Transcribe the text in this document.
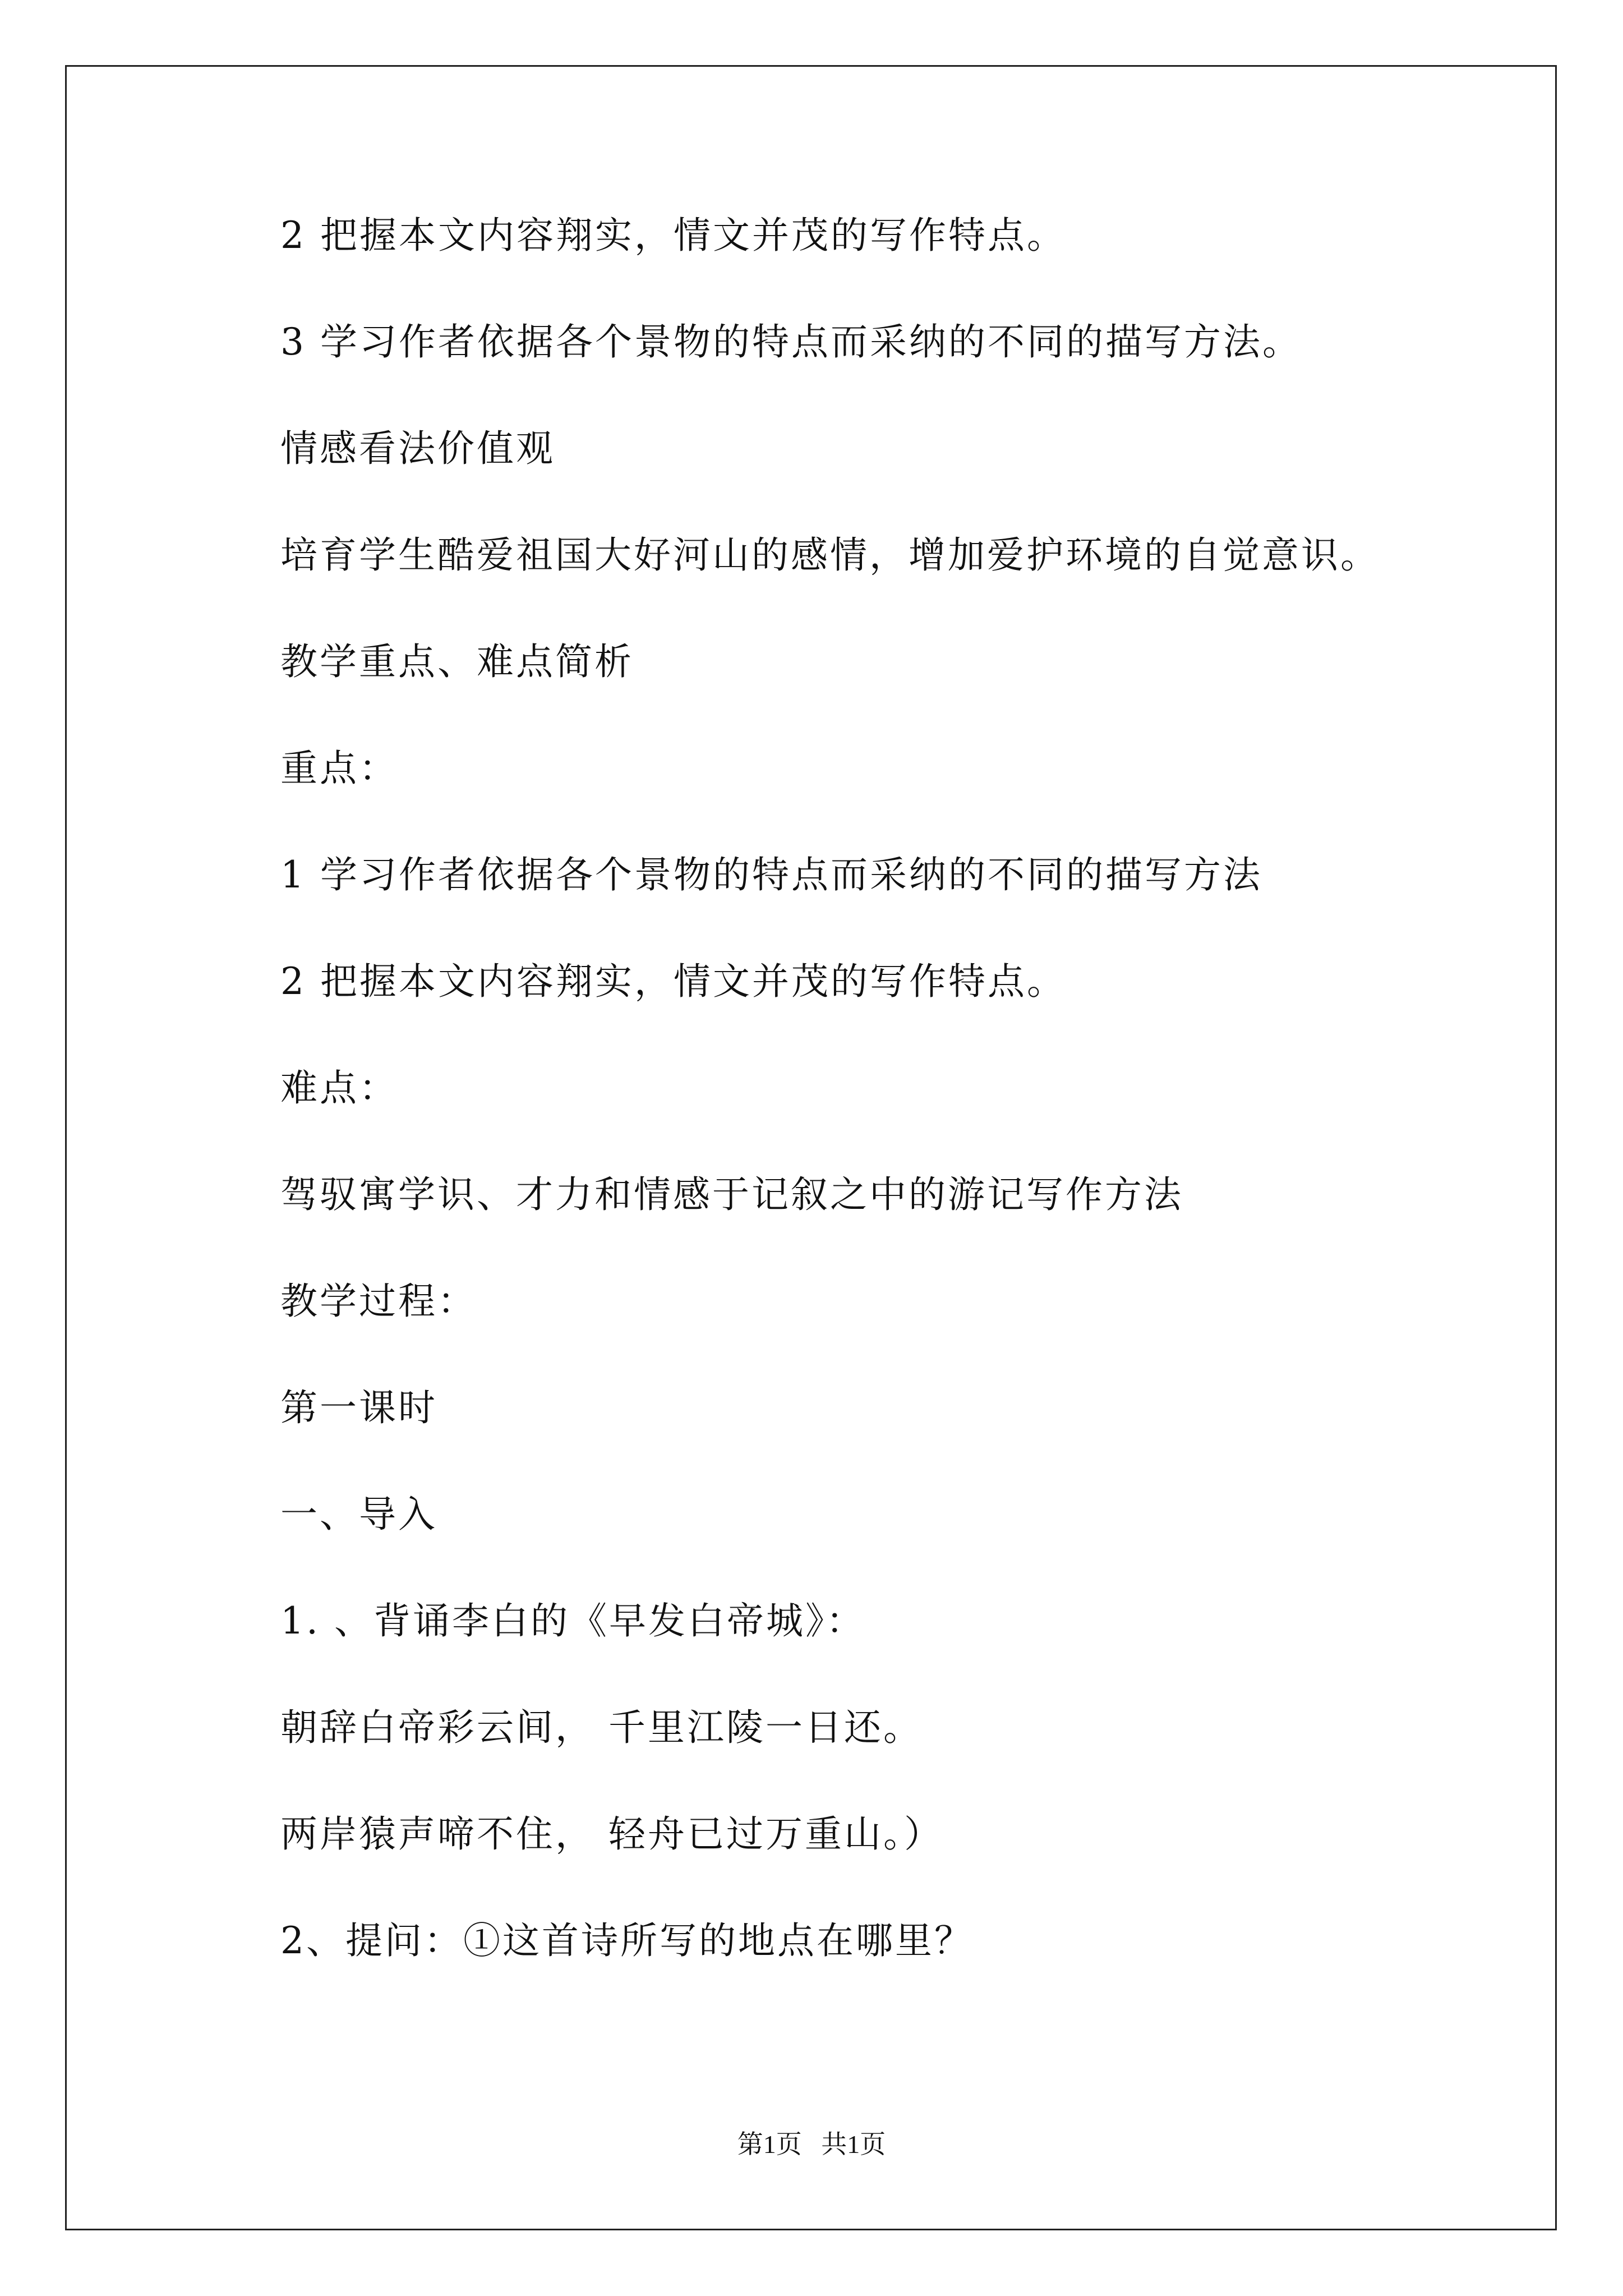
2 把握本文内容翔实，情文并茂的写作特点。
3 学习作者依据各个景物的特点而采纳的不同的描写方法。
情感看法价值观
培育学生酷爱祖国大好河山的感情，增加爱护环境的自觉意识。
教学重点、难点简析
重点：
1 学习作者依据各个景物的特点而采纳的不同的描写方法
2 把握本文内容翔实，情文并茂的写作特点。
难点：
驾驭寓学识、才力和情感于记叙之中的游记写作方法
教学过程：
第一课时
一、导入
1. 、背诵李白的《早发白帝城》：
朝辞白帝彩云间， 千里江陵一日还。
两岸猿声啼不住， 轻舟已过万重山。）
2、提问：①这首诗所写的地点在哪里？
第1页   共1页
